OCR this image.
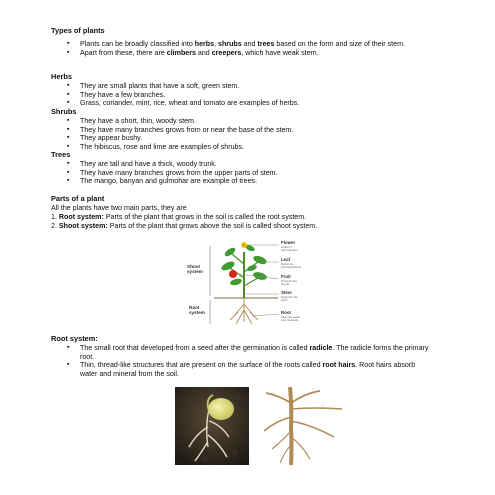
Types of plants
▪ Plants can be broadly classified into herbs, shrubs and trees based on the form and size of their stem.
▪ Apart from these, there are climbers and creepers, which have weak stem.
Herbs
▪ They are small plants that have a soft, green stem.
▪ They have a few branches.
▪ Grass, coriander, mint, rice, wheat and tomato are examples of herbs.
Shrubs
▪ They have a short, thin, woody stem.
▪ They have many branches grows from or near the base of the stem.
▪ They appear bushy.
▪ The hibiscus, rose and lime are examples of shrubs.
Trees
▪ They are tall and have a thick, woody trunk.
▪ They have many branches grows from the upper parts of stem.
▪ The mango, banyan and gulmohar are example of trees.
Parts of a plant
All the plants have two main parts, they are
1. Root system: Parts of the plant that grows in the soil is called the root system.
2. Shoot system: Parts of the plant that grows above the soil is called shoot system.
Shoot system
Root system
Flower
Helps in reproduction
Leaf
Performs photosynthesis
Fruit
Protects the seeds
Stem
Supports the plant
Root
Absorbs water and minerals
Root system:
▪ The small root that developed from a seed after the germination is called radicle. The radicle forms the primary root.
▪ Thin, thread-like structures that are present on the surface of the roots called root hairs. Root hairs absorb water and mineral from the soil.
